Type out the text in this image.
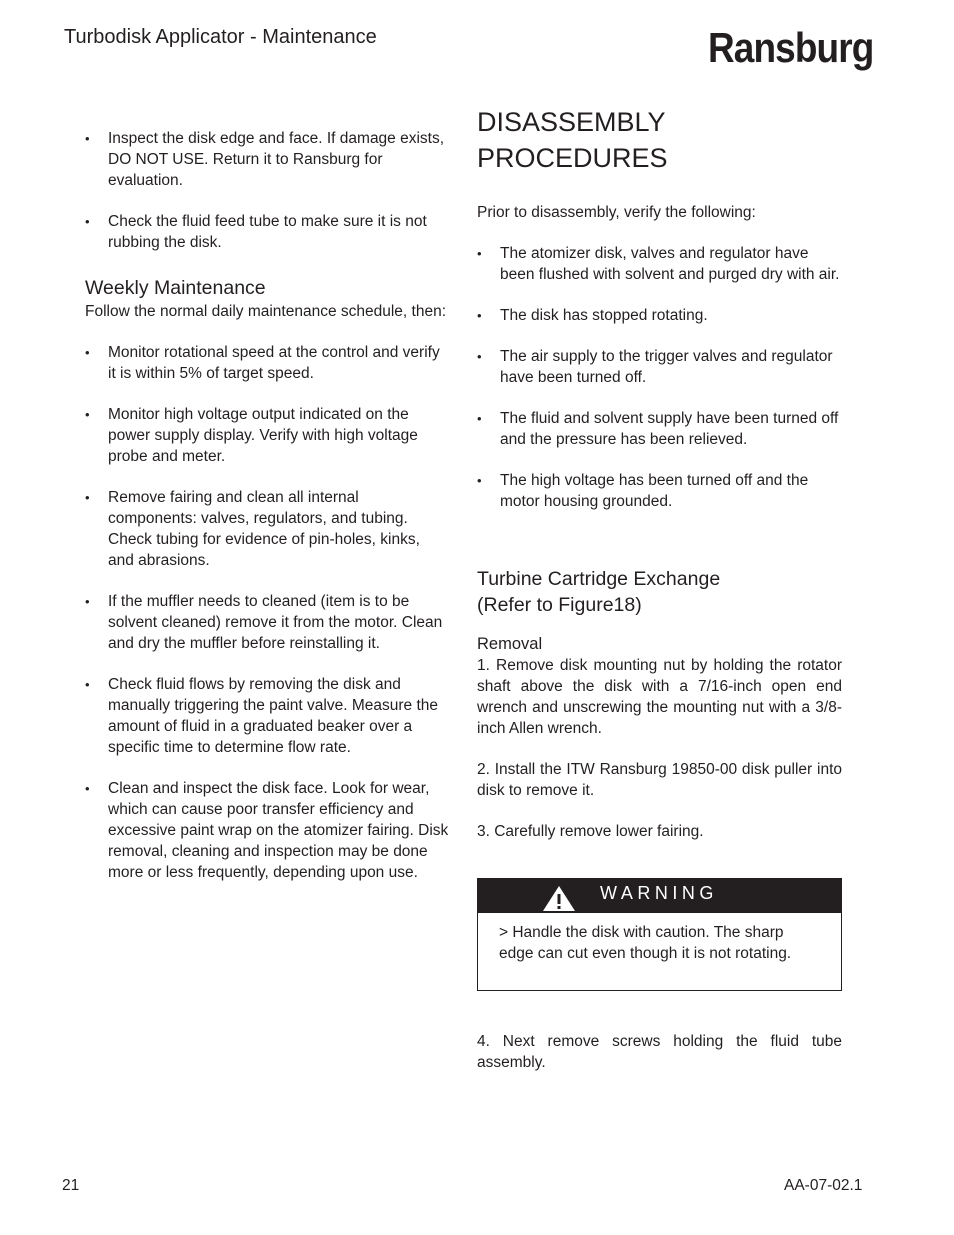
Turbodisk Applicator - Maintenance	Ransburg

• Inspect the disk edge and face. If damage exists, DO NOT USE. Return it to Ransburg for evaluation.

• Check the fluid feed tube to make sure it is not rubbing the disk.

Weekly Maintenance

Follow the normal daily maintenance schedule, then:

• Monitor rotational speed at the control and verify it is within 5% of target speed.

• Monitor high voltage output indicated on the power supply display. Verify with high voltage probe and meter.

• Remove fairing and clean all internal components: valves, regulators, and tubing. Check tubing for evidence of pin-holes, kinks, and abrasions.

• If the muffler needs to cleaned (item is to be solvent cleaned) remove it from the motor. Clean and dry the muffler before reinstalling it.

• Check fluid flows by removing the disk and manually triggering the paint valve. Measure the amount of fluid in a graduated beaker over a specific time to determine flow rate.

• Clean and inspect the disk face. Look for wear, which can cause poor transfer efficiency and excessive paint wrap on the atomizer fairing. Disk removal, cleaning and inspection may be done more or less frequently, depending upon use.

DISASSEMBLY PROCEDURES

Prior to disassembly, verify the following:

• The atomizer disk, valves and regulator have been flushed with solvent and purged dry with air.

• The disk has stopped rotating.

• The air supply to the trigger valves and regulator have been turned off.

• The fluid and solvent supply have been turned off and the pressure has been relieved.

• The high voltage has been turned off and the motor housing grounded.

Turbine Cartridge Exchange

(Refer to Figure18)

Removal

1. Remove disk mounting nut by holding the rotator shaft above the disk with a 7/16-inch open end wrench and unscrewing the mounting nut with a 3/8-inch Allen wrench.

2. Install the ITW Ransburg 19850-00 disk puller into disk to remove it.

3. Carefully remove lower fairing.

WARNING
> Handle the disk with caution. The sharp edge can cut even though it is not rotating.

4. Next remove screws holding the fluid tube assembly.

21	AA-07-02.1
